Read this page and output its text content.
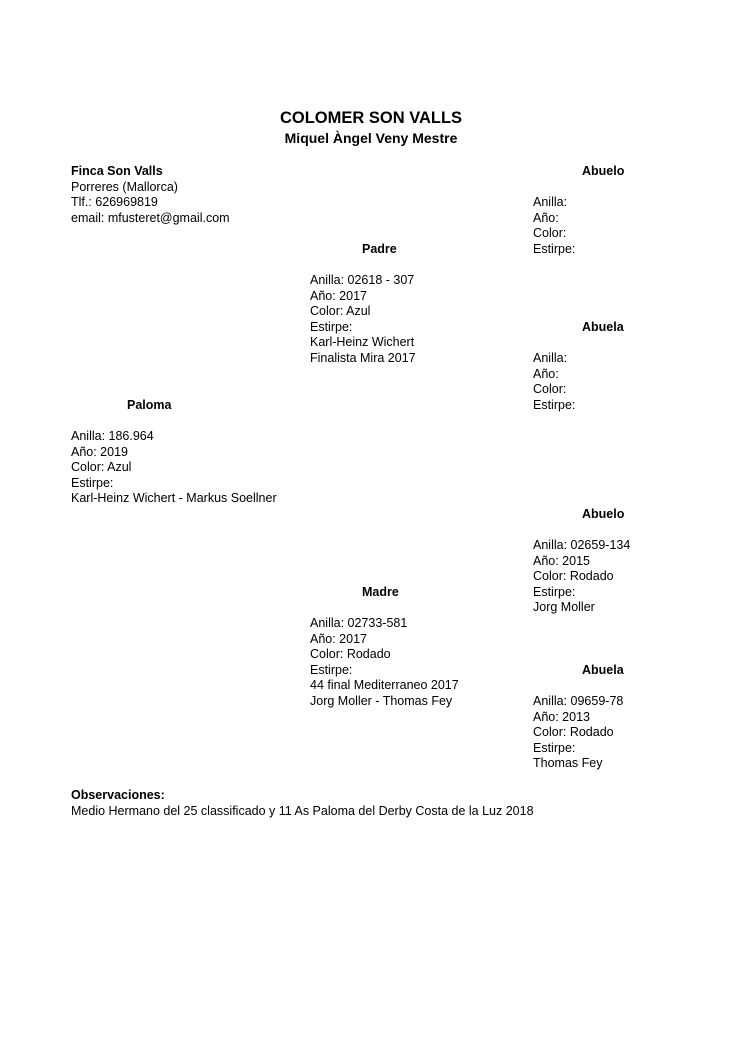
COLOMER SON VALLS
Miquel Àngel Veny Mestre
Finca Son Valls
Porreres (Mallorca)
Tlf.: 626969819
email: mfusteret@gmail.com
Abuelo
Anilla:
Año:
Color:
Estirpe:
Padre
Anilla: 02618 - 307
Año: 2017
Color: Azul
Estirpe:
Karl-Heinz Wichert
Finalista Mira 2017
Abuela
Anilla:
Año:
Color:
Estirpe:
Paloma
Anilla: 186.964
Año: 2019
Color: Azul
Estirpe:
Karl-Heinz Wichert - Markus Soellner
Abuelo
Anilla: 02659-134
Año: 2015
Color: Rodado
Estirpe:
Jorg Moller
Madre
Anilla: 02733-581
Año: 2017
Color: Rodado
Estirpe:
44 final Mediterraneo 2017
Jorg Moller - Thomas Fey
Abuela
Anilla: 09659-78
Año: 2013
Color: Rodado
Estirpe:
Thomas Fey
Observaciones:
Medio Hermano del 25 classificado y 11 As Paloma del Derby Costa de la Luz 2018
